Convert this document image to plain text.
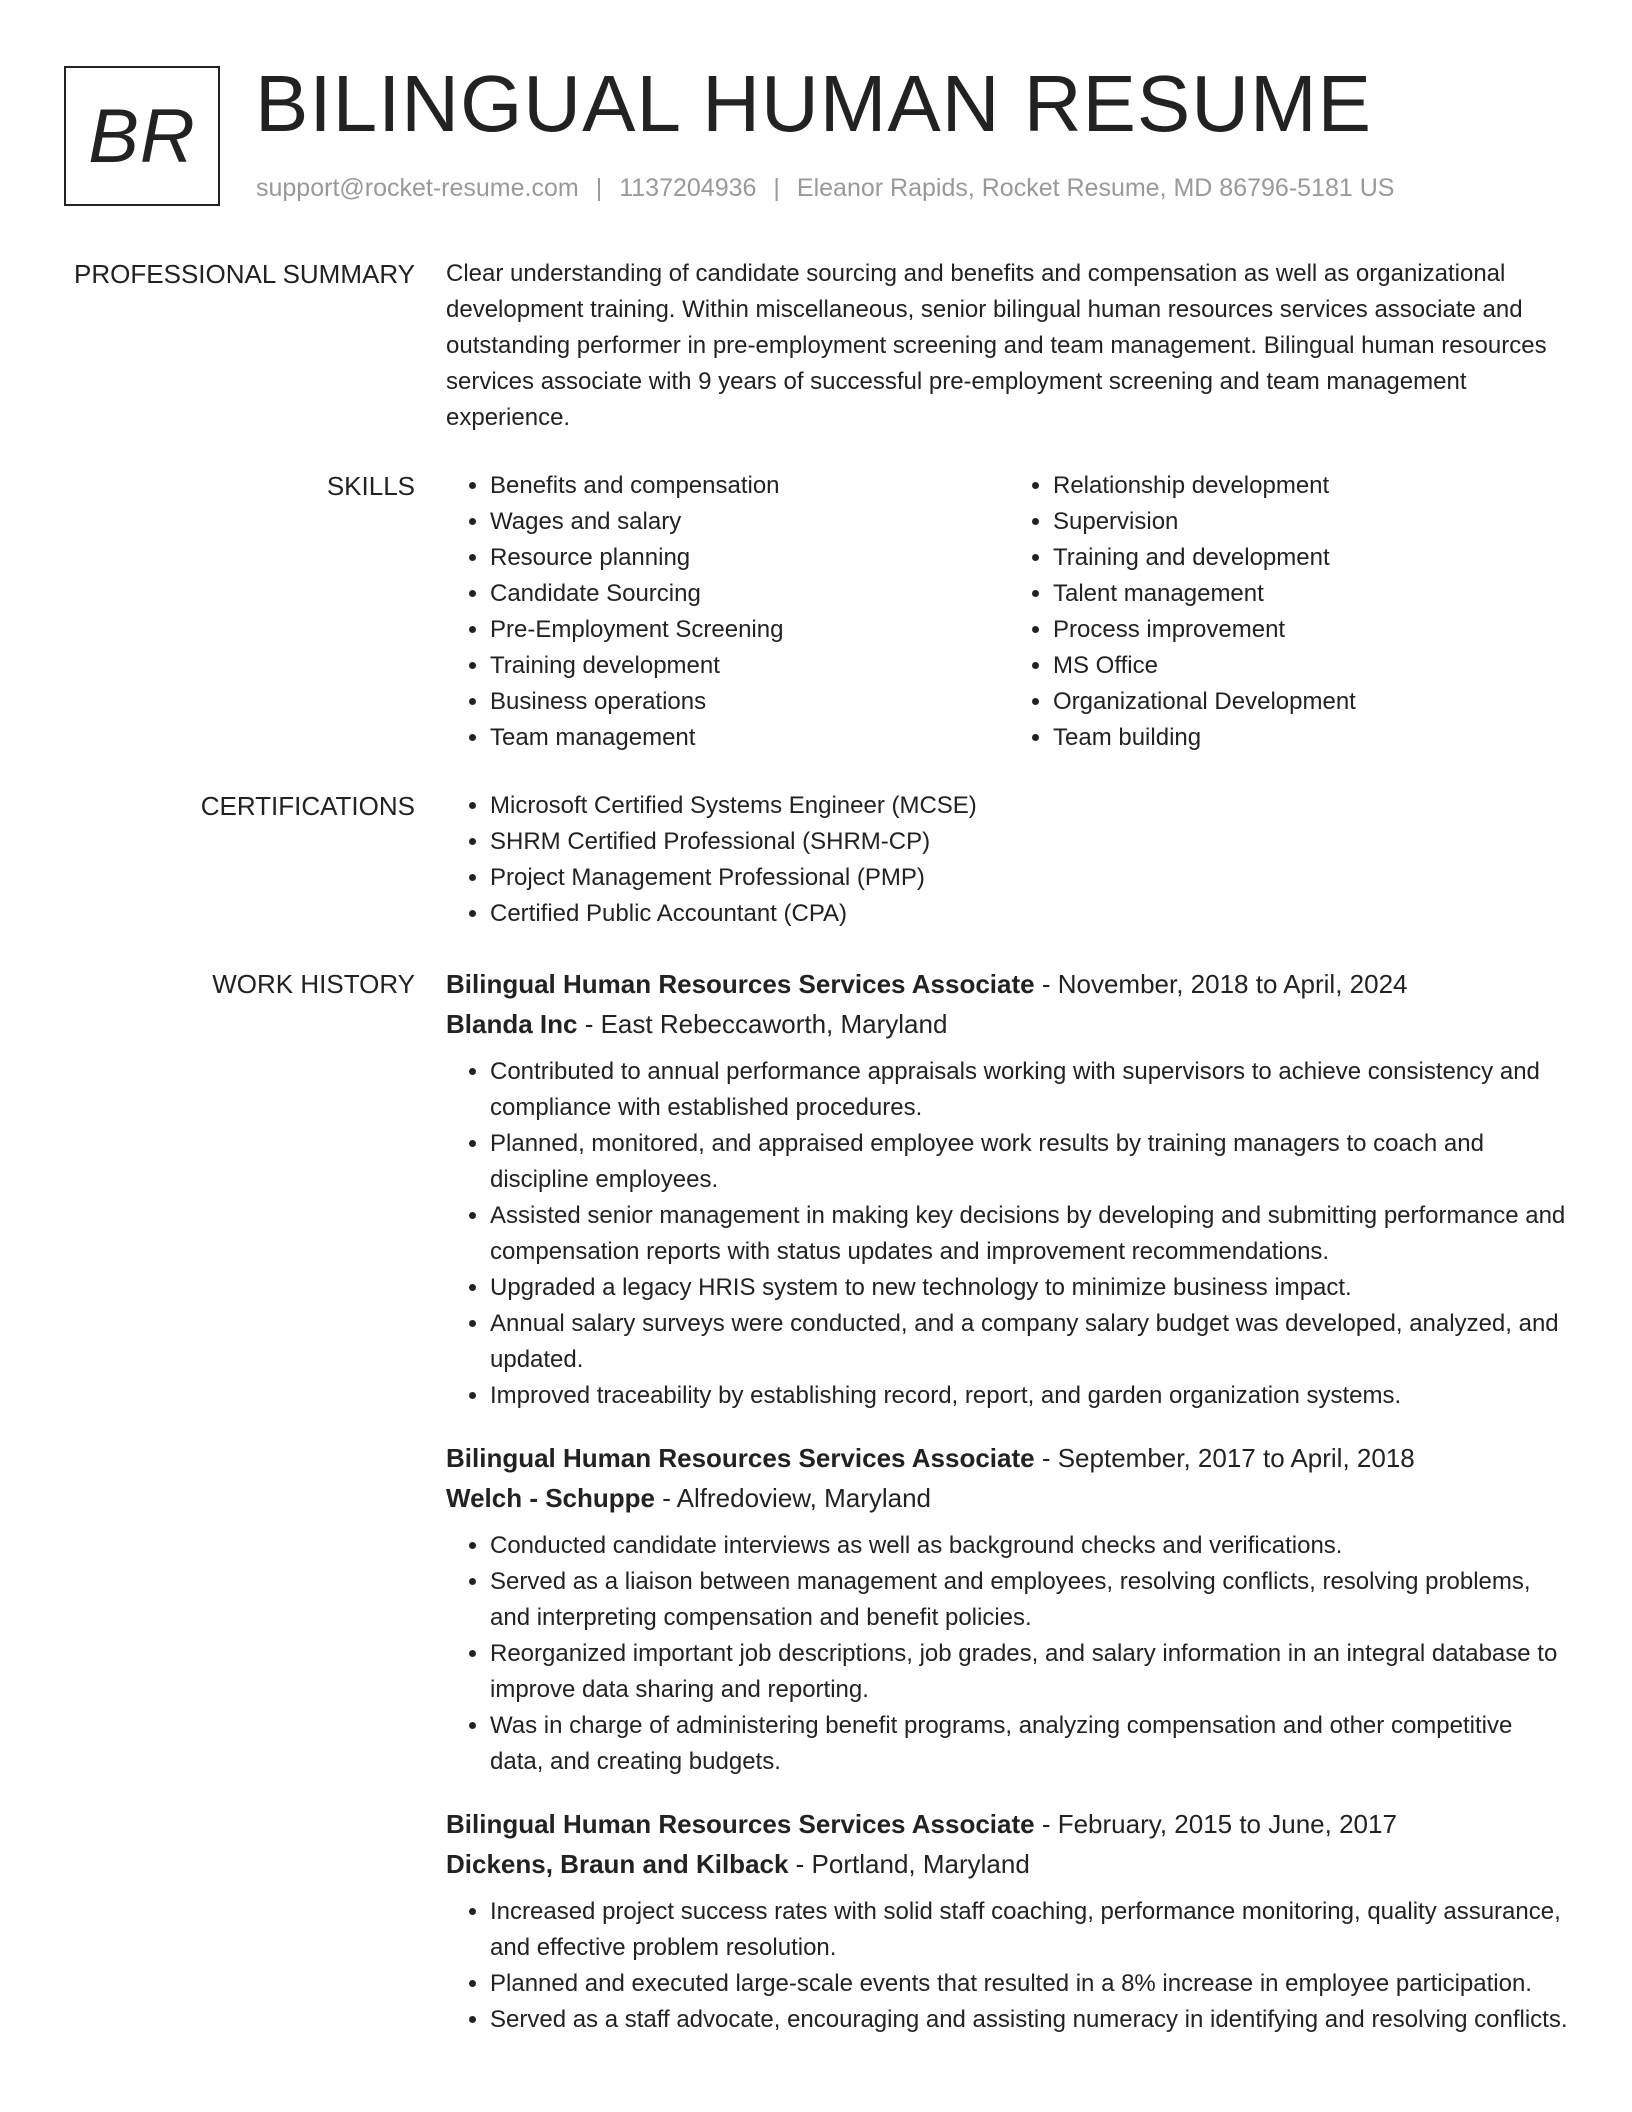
BR BILINGUAL HUMAN RESUME
support@rocket-resume.com | 1137204936 | Eleanor Rapids, Rocket Resume, MD 86796-5181 US
PROFESSIONAL SUMMARY Clear understanding of candidate sourcing and benefits and compensation as well as organizational development training. Within miscellaneous, senior bilingual human resources services associate and outstanding performer in pre-employment screening and team management. Bilingual human resources services associate with 9 years of successful pre-employment screening and team management experience.

SKILLS	• Benefits and compensation
• Wages and salary
• Resource planning
• Candidate Sourcing
• Pre-Employment Screening
• Training development
• Business operations
• Team management
• Relationship development
• Supervision
• Training and development
• Talent management
• Process improvement
• MS Office
• Organizational Development
• Team building
CERTIFICATIONS	• Microsoft Certified Systems Engineer (MCSE)
• SHRM Certified Professional (SHRM-CP)
• Project Management Professional (PMP)
• Certified Public Accountant (CPA)
WORK HISTORY Bilingual Human Resources Services Associate - November, 2018 to April, 2024
Blanda Inc - East Rebeccaworth, Maryland
• Contributed to annual performance appraisals working with supervisors to achieve consistency and compliance with established procedures.
• Planned, monitored, and appraised employee work results by training managers to coach and discipline employees.
• Assisted senior management in making key decisions by developing and submitting performance and compensation reports with status updates and improvement recommendations.
• Upgraded a legacy HRIS system to new technology to minimize business impact.
• Annual salary surveys were conducted, and a company salary budget was developed, analyzed, and updated.
• Improved traceability by establishing record, report, and garden organization systems.
Bilingual Human Resources Services Associate - September, 2017 to April, 2018
Welch - Schuppe - Alfredoview, Maryland
• Conducted candidate interviews as well as background checks and verifications.
• Served as a liaison between management and employees, resolving conflicts, resolving problems, and interpreting compensation and benefit policies.
• Reorganized important job descriptions, job grades, and salary information in an integral database to improve data sharing and reporting.
• Was in charge of administering benefit programs, analyzing compensation and other competitive data, and creating budgets.
Bilingual Human Resources Services Associate - February, 2015 to June, 2017
Dickens, Braun and Kilback - Portland, Maryland
• Increased project success rates with solid staff coaching, performance monitoring, quality assurance, and effective problem resolution.
• Planned and executed large-scale events that resulted in a 8% increase in employee participation.
• Served as a staff advocate, encouraging and assisting numeracy in identifying and resolving conflicts.
